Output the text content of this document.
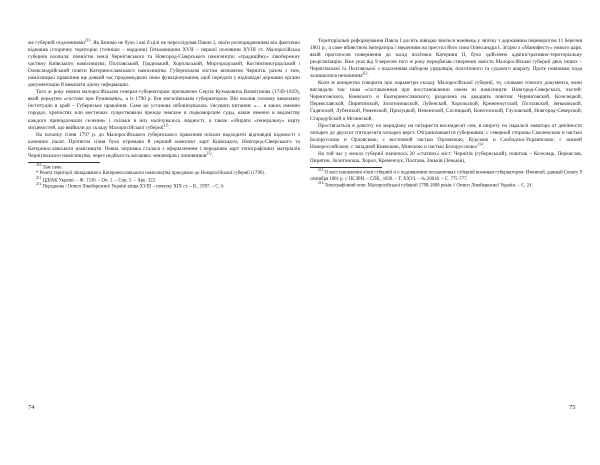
же губерній отделениями$^{210}$. Як бачимо не було і які б цілі не переслідував Павло I, своїм розпорядженням він фактично відновив історичну територію (точніше – кордони) Гетьманщини XVII – першої половини XVIII ст. Малоросійська губернія охопила: повністю землі Чернігівського та Новгород-Сіверського намісництв; «традиційну» лівобережну частину Київського намісництва; Полтавський, Градизький, Хорольський, Миргородський, Костянтиноградський і Олександрійський повіти Катеринославського намісництва. Губернським містом визначено Чернігів. разом з тим, намісницькі правління ще деякий час продовжували свою функціонування, щоб передати у відповідні державні органи документацію й виконати діючу інформацію.

Того ж року новим малоросійським генерал-губернатором призначено Сергія Кузьмовича Вязмітінова (1749-1819), який передтим «состоял при Румянцеве», а із 1790 р. був могилівським губернатором. Він очолив головну виконавчу інституцію в край – Губернське правління. Саме це установа зобов'язувалась з'ясувати питання: «… в каких именно городах, крепостях или местечках существовали прежде земские и подкоморские суды, какие именно в ведомству каждого принадлежали селения» і скільки в них налічувалось людності, а також «збирати «генеральну» карту місцевостей, що ввійшли до складу Малоросійської губернії$^{211}$.

На початку січня 1797 р. до Малоросійського губернського правління почали надходити відповідні відомості з казенних палат. Протягом січня було отримано й перший комплект карт Київського, Новгород-Сіверського та Катеринославського намісництв. Певна затримка сталася з оформленням і передачею карт топографічних матеріалів Чернігівського намісництва, через недбалість місцевих землемірів і чиновників$^{212}$.

$^{210}$ Там само.

* Решта території ліквідованого Катеринославського намісництва приєднано до Новоросійської губернії (1796).

$^{211}$ ЦДІАК Україні. – Ф. 1336. – Оп. 1. – Спр. 5. – Арк. 322.

$^{212}$ Передкова / Описи Лівобережної Україні кінця XVIII – початку XIX ст. – К., 1997. – С. 6.

Територіальні реформування Павла I досить швидко звелися нанівець у зв'язку з державним переворотом 11 березня 1801 р., а саме вбивством імператора і зведенням на престол його сина Олександра I. Згідно з «Манифесту» нового царя, який проголосив повернення до засад політики Катерини II, було здійснено адміністративно-територіальну реорганізацію. Вже указ від 9 вересня того ж року передбачав створення замість Малоросійської губернії двох інших – Чернігівської та Полтавської з поділенням набором урядовців, політичного та судового апарату. Проте повноваж пода залишилися незмінним$^{213}$.

Коли ж конкретно говорити про параметри складу Малоросійської губернії, то, словами точного документа, вони виглядали так: нова «составленная при восстановлении своем из намісництв: Новгород-Северского, частей: Черниговского, Киевского и Екатеринославского; разделена на двадцять повітов: Черниговской, Козелецкой, Переяславской, Пирятинской, Золотоношской, Лубенской, Хорольской, Кременчугской, Полтавской, Зеньковской, Гадячской, Лубенской, Роменской, Прилуцкой, Нежинской, Сосницкой, Конотопской, Глуховской, Новгород-Северской, Стародубской и Мглинской.

Простягається в довготу по меридіану на четыреста восемдесят сем, в широту по паралелі екватора от дев'яносто четырех до двухсот п'ятидесяти четырех верст. Отграничивается губерниями: с северной стороны Смоленскою и частью Белорусскою и Орловскою; с восточной частью Орловскою, Курскою и Слободско-Украинскою; с южной Новороссийскою; с западной Киевскою, Минскою и частью Белорусскою»$^{214}$.

На той час у межах губернії значилось 20 «статних» міст: Чернігів (губернський), повітові – Козелець, Переяслав, Пирятин, Золотоноша, Хорол, Кременчук, Полтава, Зіньків (Зеньків),

$^{213}$ О восстановлении в'язи губерній и о подиявлении пограничных губерній военным губернатором: Именной, данный Сенату 9 сентября 1801 р. // ПСЗРИ. – СПб., 1830. – Т. XXVI. – № 20018. – С. 775-777.

$^{214}$ Топографічний опис Малоросійської губернії 1798-1800 років // Описи Лівобережної Україні. – С. 24.

74	75
